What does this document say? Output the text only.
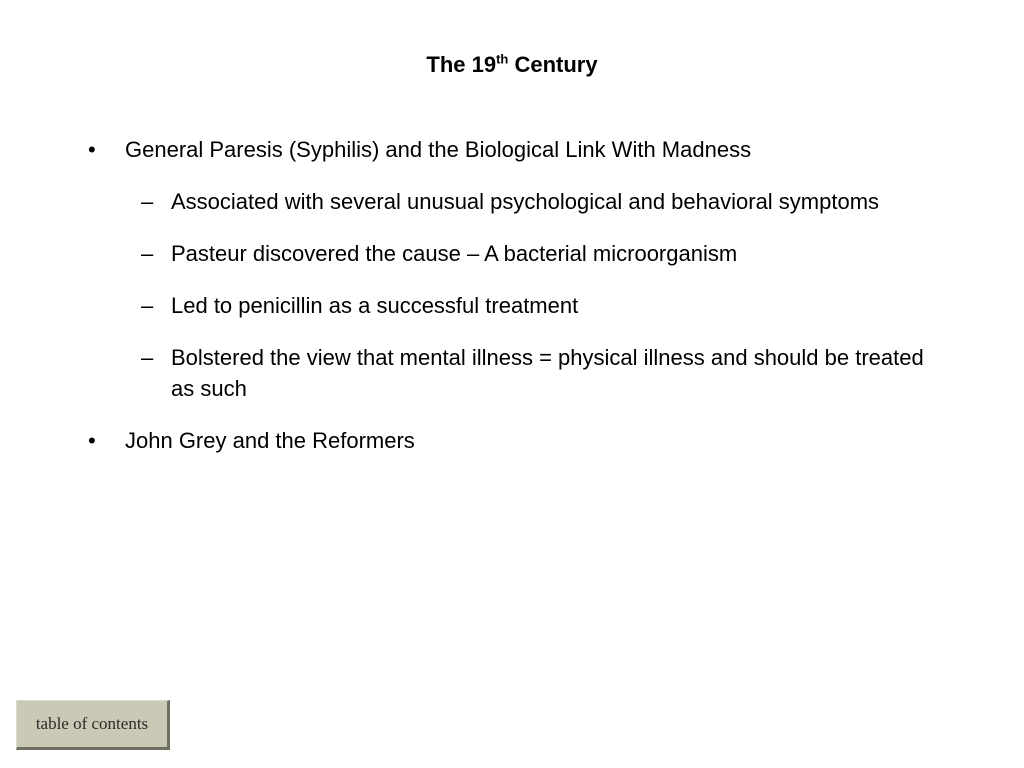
The 19th Century
• General Paresis (Syphilis) and the Biological Link With Madness
– Associated with several unusual psychological and behavioral symptoms
– Pasteur discovered the cause – A bacterial microorganism
– Led to penicillin as a successful treatment
– Bolstered the view that mental illness = physical illness and should be treated as such
• John Grey and the Reformers
table of contents
